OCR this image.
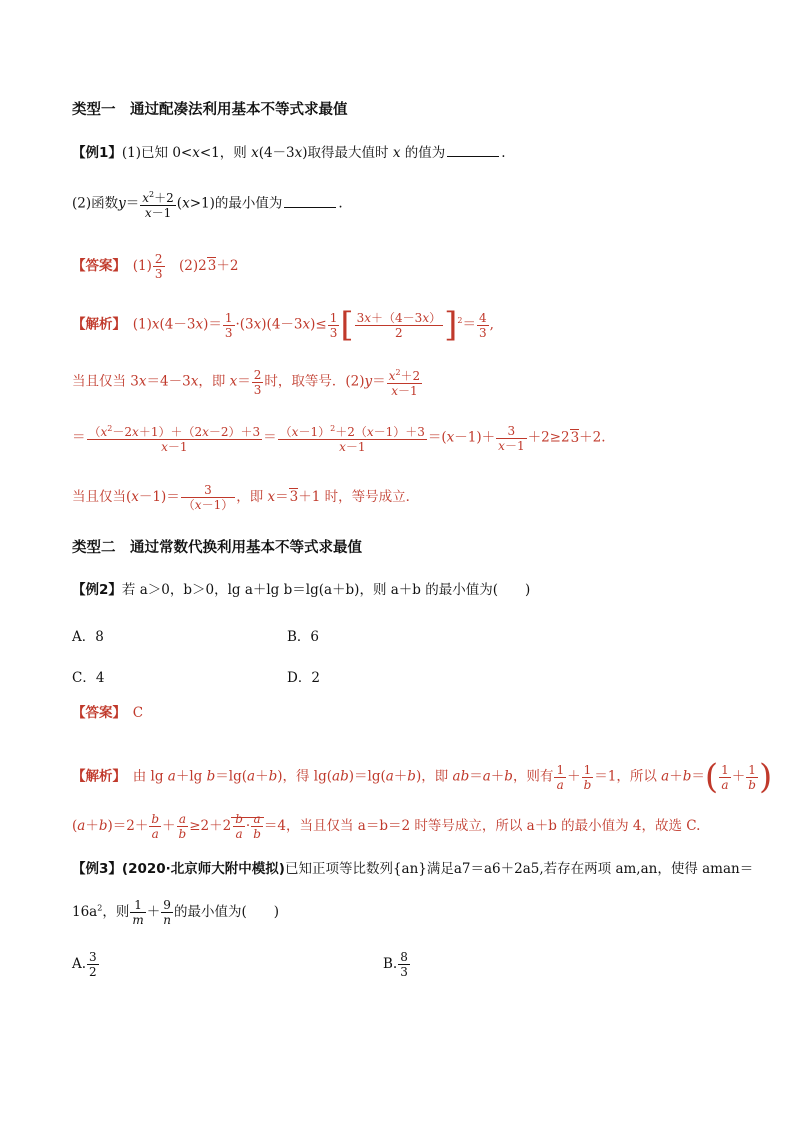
类型一　通过配凑法利用基本不等式求最值
【例1】(1)已知 0<x<1，则 x(4－3x)取得最大值时 x 的值为	.
(2)函数$y= \frac{x^2+2}{x-1} (x>1)$的最小值为	.
【答案】　 $(1) \frac{2}{3}$
　 (2)23＋2
【解析】　$(1)x(4-3x)= \frac{1}{3} \cdot(3x)(4-3x)\le \frac{1}{3}$ [ $\frac{3x+(4-3x)}{2} ]^2= \frac{4}{3}$ ,
当且仅当 3x＝4－3x，即 $x= \frac{2}{3}$ 时，取等号．$(2)y= \frac{x^2+2}{x-1}$
＝ $\frac{(x^2-2x+1)+(2x-2)+3}{x-1} = \frac{(x-1)^2+2(x-1)+3}{x-1} =(x-1)+ \frac{3}{x-1} +2\ge 23+2$.
当且仅当$(x-1)= \frac{3}{(x-1)}$ ，即 x＝3＋1 时，等号成立．
类型二　通过常数代换利用基本不等式求最值
【例2】若 a＞0，b＞0，lg a＋lg b＝lg(a＋b)，则 a＋b 的最小值为(　　)
A．8	B．6
C．4	D．2
【答案】　 C
【解析】　由 lg a＋lg b＝lg(a＋b)，得 lg(ab)＝lg(a＋b)，即 ab＝a＋b，则有 $\frac{1}{a} + \frac{1}{b} =1$，所以 $a+b=( \frac{1}{a} + \frac{1}{b}$ )
$(a+b)=2+ \frac{b}{a} + \frac{a}{b} \ge 2+2 \frac{b}{a} \cdot \frac{a}{b} =4$，当且仅当 a＝b＝2 时等号成立，所以 a＋b 的最小值为 4，故选 C.
【例3】(2020·北京师大附中模拟)已知正项等比数列{an}满足a7＝a6＋2a5,若存在两项 am,an，使得 aman＝
$16a^2$，则 $\frac{1}{m} + \frac{9}{n}$ 的最小值为(　　)
A. $\frac{3}{2}$	B. $\frac{8}{3}$
